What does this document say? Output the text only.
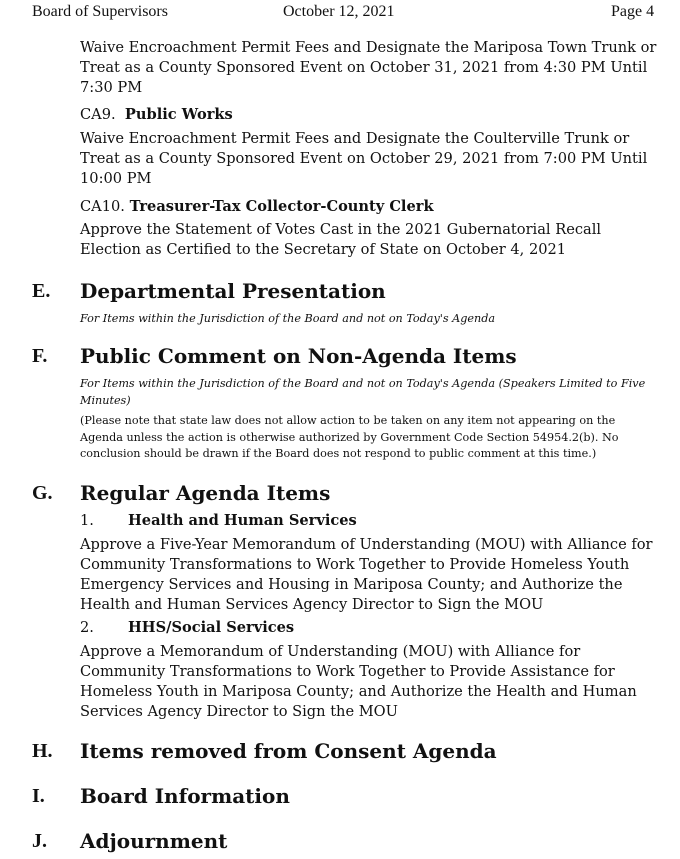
Board of Supervisors	October 12, 2021	Page 4
Waive Encroachment Permit Fees and Designate the Mariposa Town Trunk or Treat as a County Sponsored Event on October 31, 2021 from 4:30 PM Until 7:30 PM
CA9. Public Works
Waive Encroachment Permit Fees and Designate the Coulterville Trunk or Treat as a County Sponsored Event on October 29, 2021 from 7:00 PM Until 10:00 PM
CA10. Treasurer-Tax Collector-County Clerk
Approve the Statement of Votes Cast in the 2021 Gubernatorial Recall Election as Certified to the Secretary of State on October 4, 2021
E. Departmental Presentation
For Items within the Jurisdiction of the Board and not on Today's Agenda
F. Public Comment on Non-Agenda Items
For Items within the Jurisdiction of the Board and not on Today's Agenda (Speakers Limited to Five Minutes)
(Please note that state law does not allow action to be taken on any item not appearing on the Agenda unless the action is otherwise authorized by Government Code Section 54954.2(b). No conclusion should be drawn if the Board does not respond to public comment at this time.)
G. Regular Agenda Items
1. Health and Human Services
Approve a Five-Year Memorandum of Understanding (MOU) with Alliance for Community Transformations to Work Together to Provide Homeless Youth Emergency Services and Housing in Mariposa County; and Authorize the Health and Human Services Agency Director to Sign the MOU
2. HHS/Social Services
Approve a Memorandum of Understanding (MOU) with Alliance for Community Transformations to Work Together to Provide Assistance for Homeless Youth in Mariposa County; and Authorize the Health and Human Services Agency Director to Sign the MOU
H. Items removed from Consent Agenda
I. Board Information
J. Adjournment
